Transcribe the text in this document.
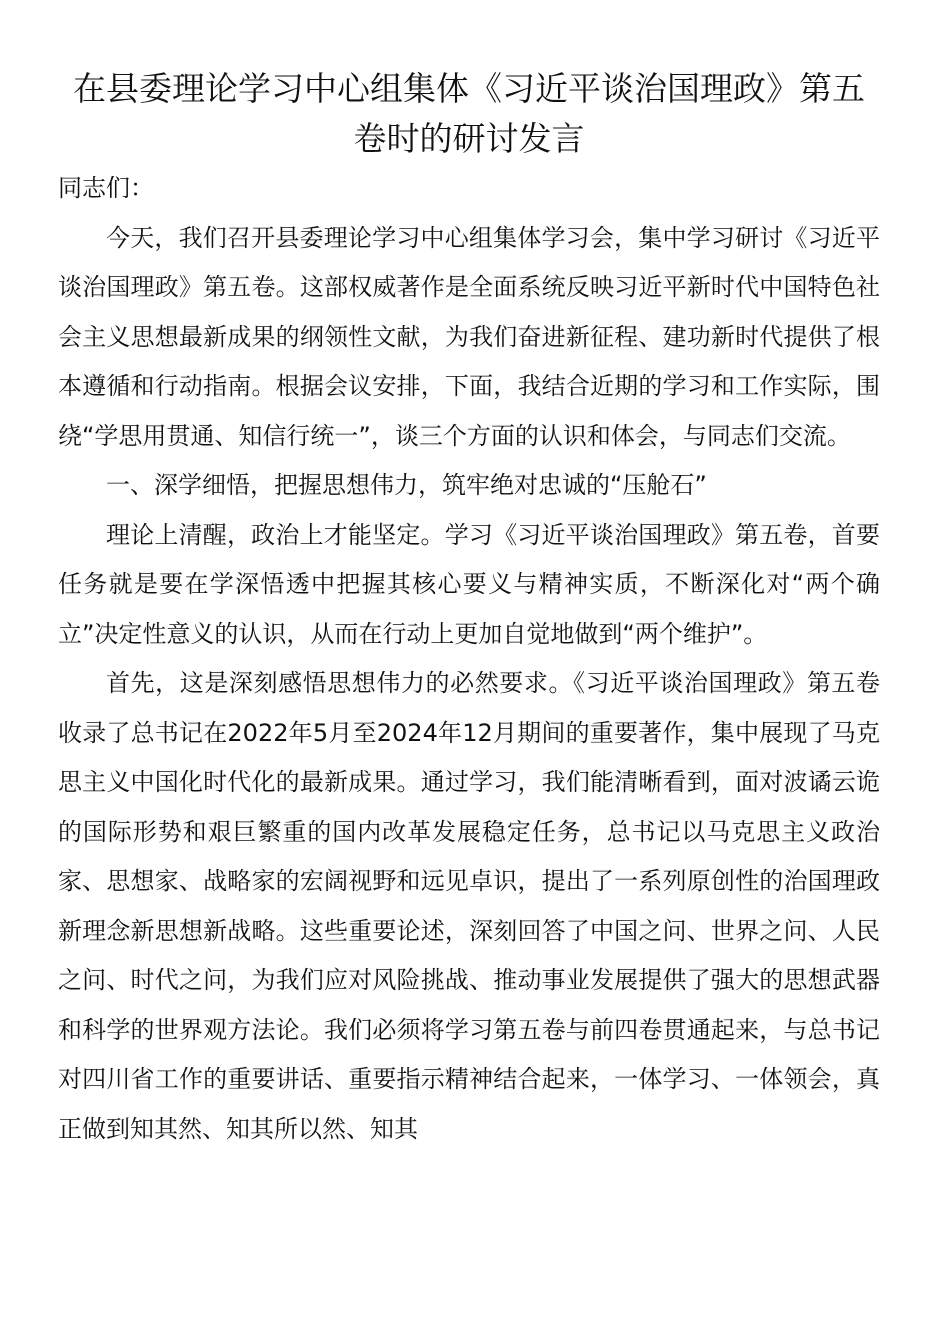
在县委理论学习中心组集体《习近平谈治国理政》第五卷时的研讨发言

同志们：

今天，我们召开县委理论学习中心组集体学习会，集中学习研讨《习近平谈治国理政》第五卷。这部权威著作是全面系统反映习近平新时代中国特色社会主义思想最新成果的纲领性文献，为我们奋进新征程、建功新时代提供了根本遵循和行动指南。根据会议安排，下面，我结合近期的学习和工作实际，围绕“学思用贯通、知信行统一”，谈三个方面的认识和体会，与同志们交流。

一、深学细悟，把握思想伟力，筑牢绝对忠诚的“压舱石”

理论上清醒，政治上才能坚定。学习《习近平谈治国理政》第五卷，首要任务就是要在学深悟透中把握其核心要义与精神实质，不断深化对“两个确立”决定性意义的认识，从而在行动上更加自觉地做到“两个维护”。

首先，这是深刻感悟思想伟力的必然要求。《习近平谈治国理政》第五卷收录了总书记在2022年5月至2024年12月期间的重要著作，集中展现了马克思主义中国化时代化的最新成果。通过学习，我们能清晰看到，面对波谲云诡的国际形势和艰巨繁重的国内改革发展稳定任务，总书记以马克思主义政治家、思想家、战略家的宏阔视野和远见卓识，提出了一系列原创性的治国理政新理念新思想新战略。这些重要论述，深刻回答了中国之问、世界之问、人民之问、时代之问，为我们应对风险挑战、推动事业发展提供了强大的思想武器和科学的世界观方法论。我们必须将学习第五卷与前四卷贯通起来，与总书记对四川省工作的重要讲话、重要指示精神结合起来，一体学习、一体领会，真正做到知其然、知其所以然、知其
